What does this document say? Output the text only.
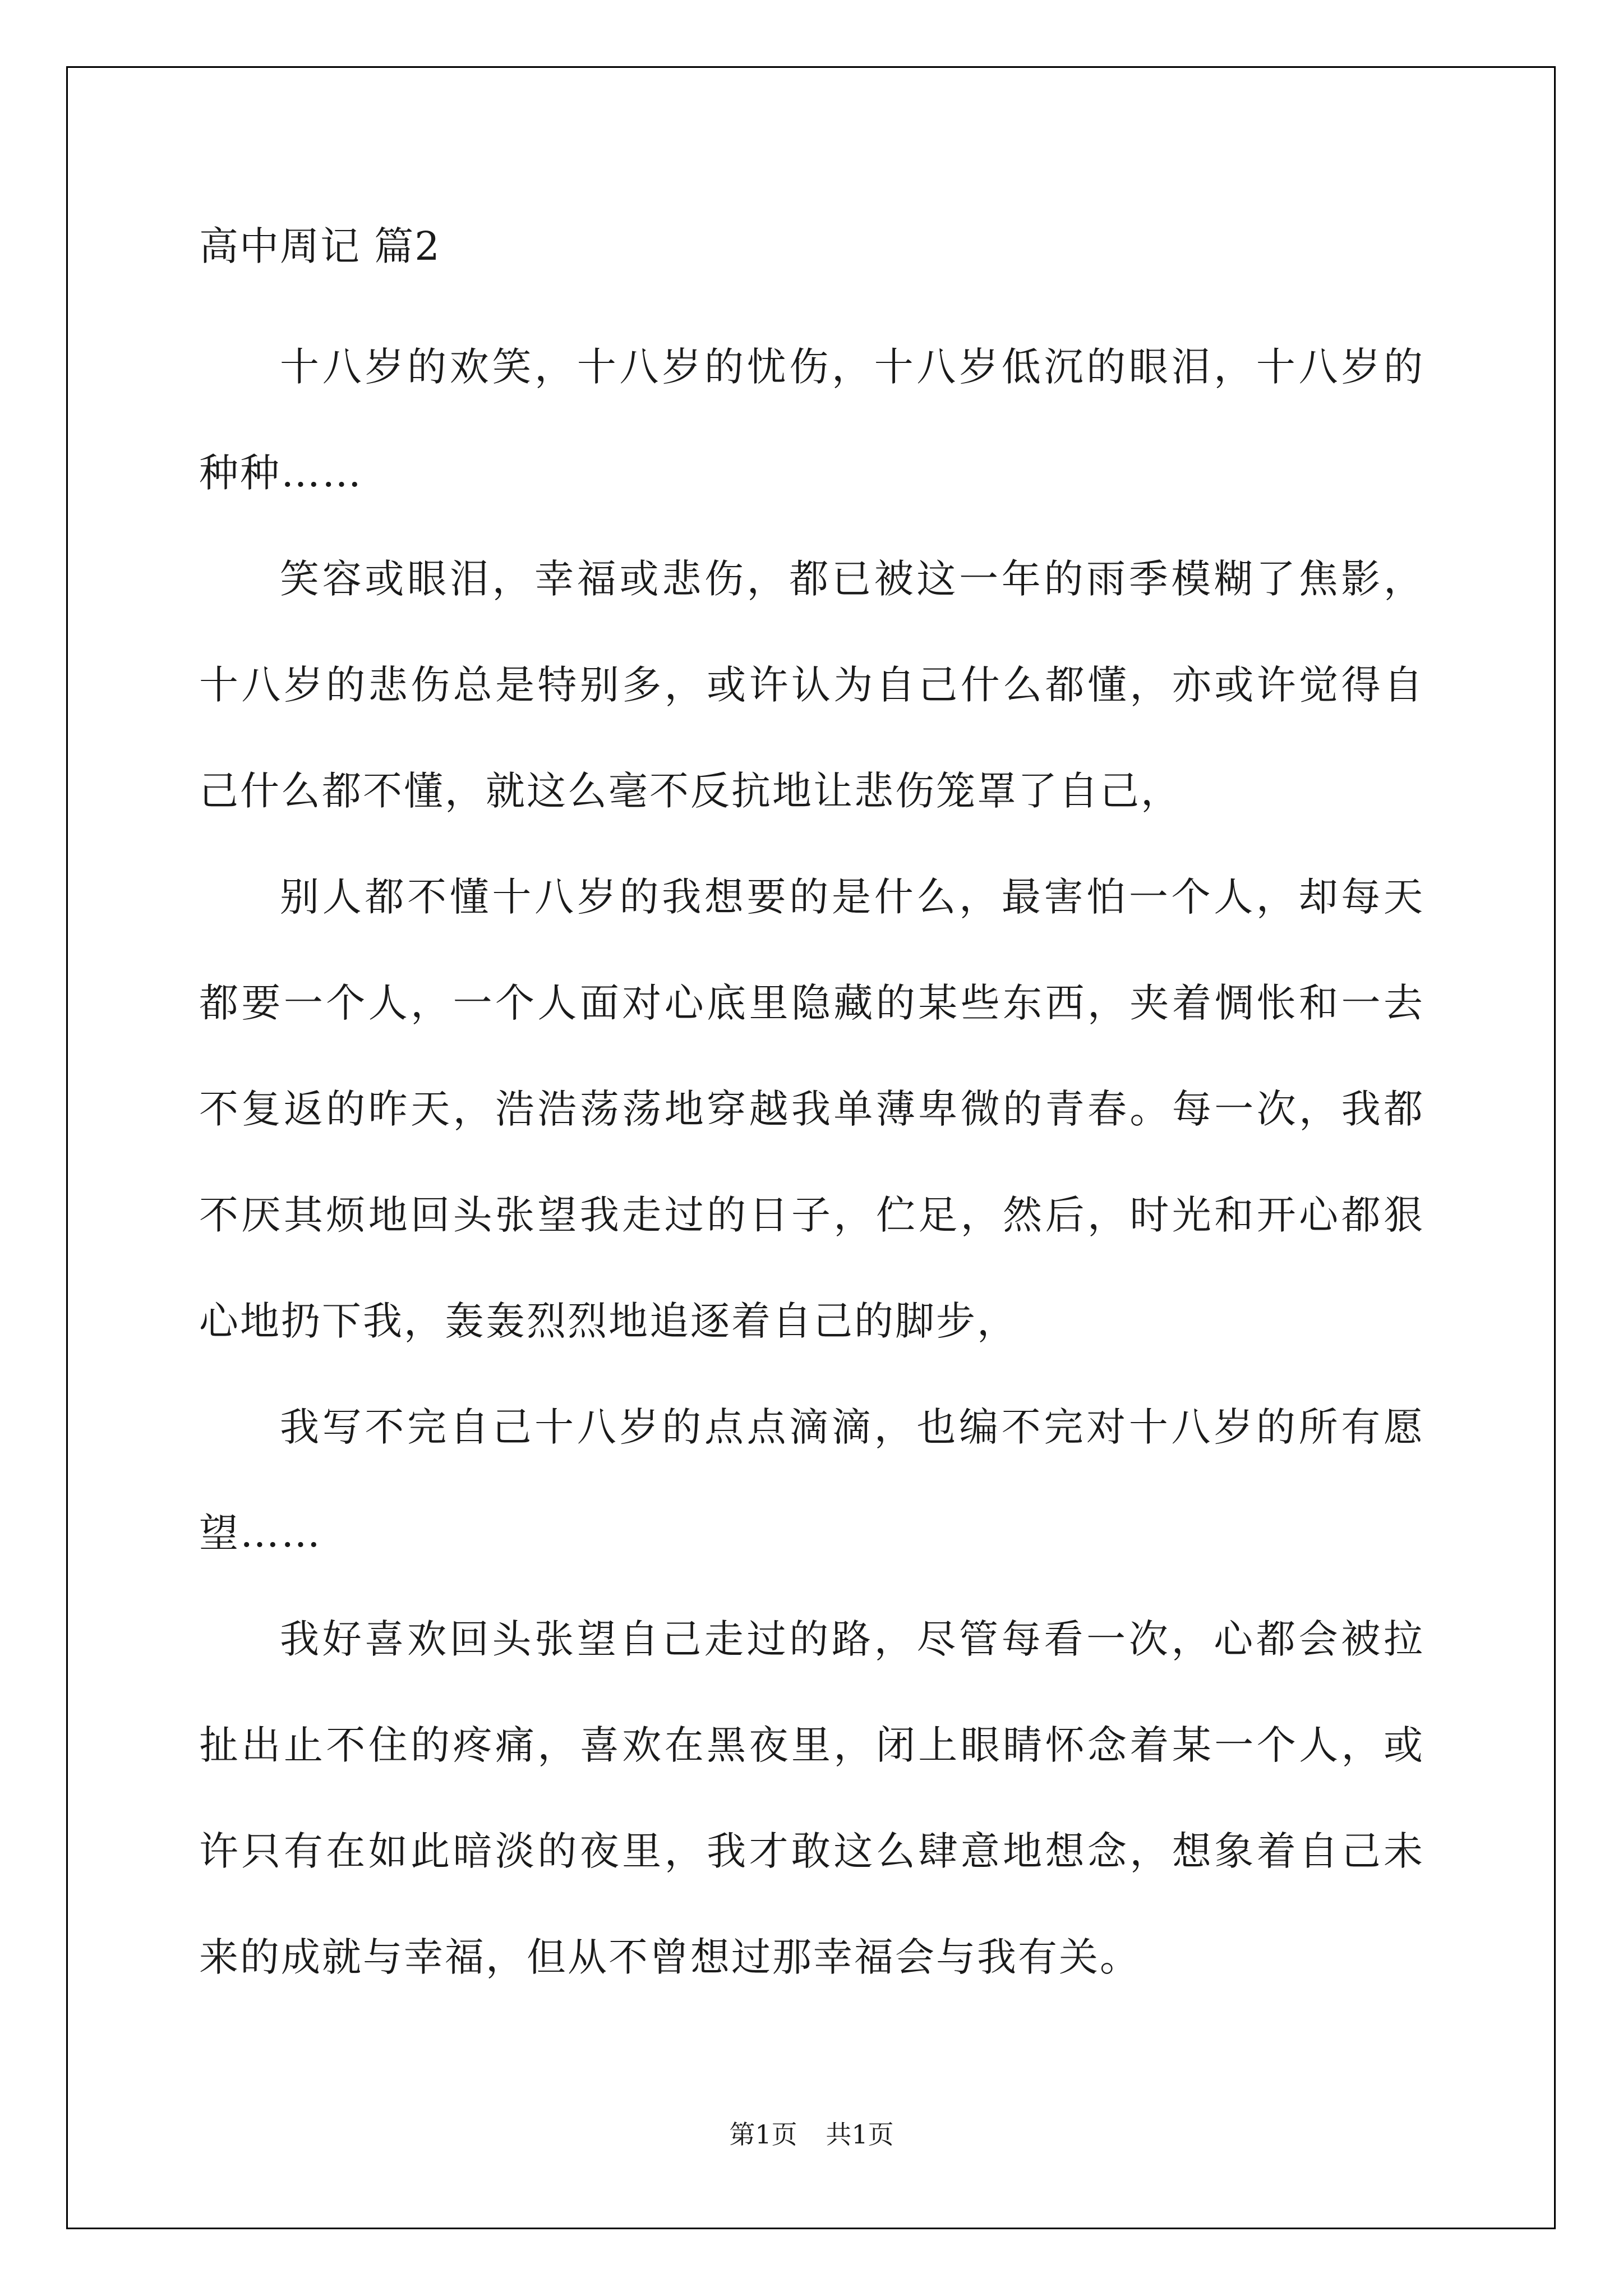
高中周记 篇2

十八岁的欢笑，十八岁的忧伤，十八岁低沉的眼泪，十八岁的种种……

笑容或眼泪，幸福或悲伤，都已被这一年的雨季模糊了焦影，十八岁的悲伤总是特别多，或许认为自己什么都懂，亦或许觉得自己什么都不懂，就这么毫不反抗地让悲伤笼罩了自己，

别人都不懂十八岁的我想要的是什么，最害怕一个人，却每天都要一个人，一个人面对心底里隐藏的某些东西，夹着惆怅和一去不复返的昨天，浩浩荡荡地穿越我单薄卑微的青春。每一次，我都不厌其烦地回头张望我走过的日子，伫足，然后，时光和开心都狠心地扔下我，轰轰烈烈地追逐着自己的脚步，

我写不完自己十八岁的点点滴滴，也编不完对十八岁的所有愿望……

我好喜欢回头张望自己走过的路，尽管每看一次，心都会被拉扯出止不住的疼痛，喜欢在黑夜里，闭上眼睛怀念着某一个人，或许只有在如此暗淡的夜里，我才敢这么肆意地想念，想象着自己未来的成就与幸福，但从不曾想过那幸福会与我有关。

第1页 共1页
